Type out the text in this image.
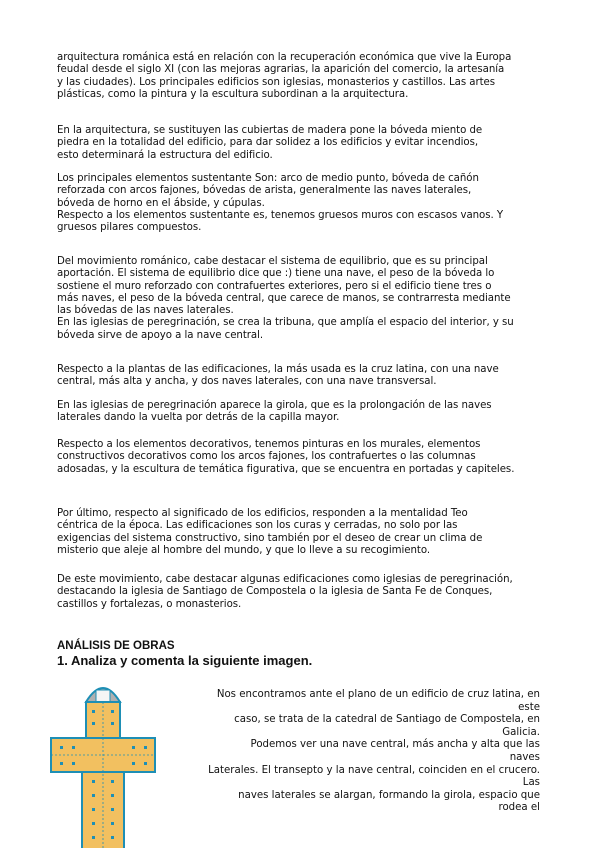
arquitectura románica está en relación con la recuperación económica que vive la Europa
feudal desde el siglo XI (con las mejoras agrarias, la aparición del comercio, la artesanía
y las ciudades). Los principales edificios son iglesias, monasterios y castillos. Las artes
plásticas, como la pintura y la escultura subordinan a la arquitectura.
En la arquitectura, se sustituyen las cubiertas de madera pone la bóveda miento de
piedra en la totalidad del edificio, para dar solidez a los edificios y evitar incendios,
esto determinará la estructura del edificio.
Los principales elementos sustentante Son: arco de medio punto, bóveda de cañón
reforzada con arcos fajones, bóvedas de arista, generalmente las naves laterales,
bóveda de horno en el ábside, y cúpulas.
Respecto a los elementos sustentante es, tenemos gruesos muros con escasos vanos. Y
gruesos pilares compuestos.
Del movimiento románico, cabe destacar el sistema de equilibrio, que es su principal
aportación. El sistema de equilibrio dice que :) tiene una nave, el peso de la bóveda lo
sostiene el muro reforzado con contrafuertes exteriores, pero si el edificio tiene tres o
más naves, el peso de la bóveda central, que carece de manos, se contrarresta mediante
las bóvedas de las naves laterales.
En las iglesias de peregrinación, se crea la tribuna, que amplía el espacio del interior, y su
bóveda sirve de apoyo a la nave central.
Respecto a la plantas de las edificaciones, la más usada es la cruz latina, con una nave
central, más alta y ancha, y dos naves laterales, con una nave transversal.
En las iglesias de peregrinación aparece la girola, que es la prolongación de las naves
laterales dando la vuelta por detrás de la capilla mayor.
Respecto a los elementos decorativos, tenemos pinturas en los murales, elementos
constructivos decorativos como los arcos fajones, los contrafuertes o las columnas
adosadas, y la escultura de temática figurativa, que se encuentra en portadas y capiteles.
Por último, respecto al significado de los edificios, responden a la mentalidad Teo
céntrica de la época. Las edificaciones son los curas y cerradas, no solo por las
exigencias del sistema constructivo, sino también por el deseo de crear un clima de
misterio que aleje al hombre del mundo, y que lo lleve a su recogimiento.
De este movimiento, cabe destacar algunas edificaciones como iglesias de peregrinación,
destacando la iglesia de Santiago de Compostela o la iglesia de Santa Fe de Conques,
castillos y fortalezas, o monasterios.
ANÁLISIS DE OBRAS
1. Analiza y comenta la siguiente imagen.
Nos encontramos ante el plano de un edificio de cruz latina, en
este
caso, se trata de la catedral de Santiago de Compostela, en
Galicia.
Podemos ver una nave central, más ancha y alta que las
naves
Laterales. El transepto y la nave central, coinciden en el crucero.
Las
naves laterales se alargan, formando la girola, espacio que
rodea el
